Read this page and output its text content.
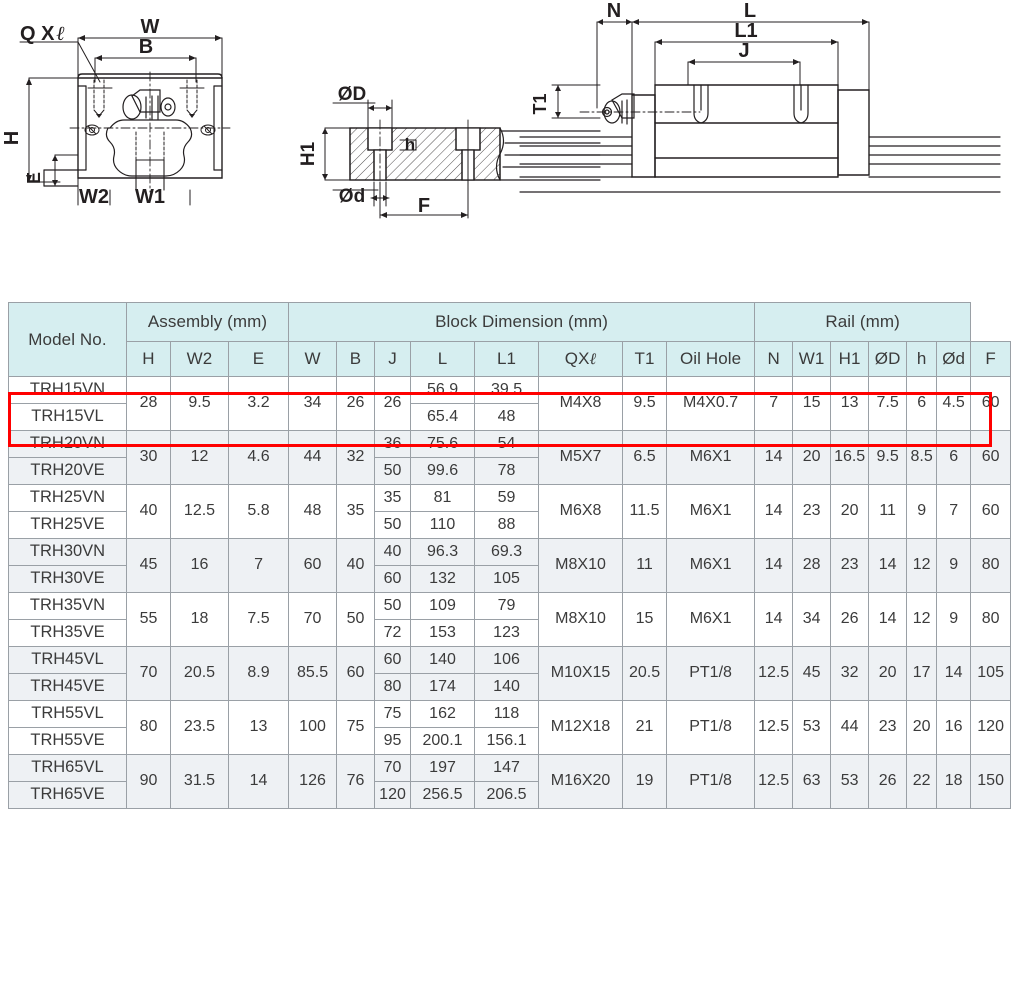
W
B
H
E
W2 W1
Q X ℓ
ØD
H1	h
Ød	F
N	L
L1
J
T1
Model No.	Assembly (mm)			Block Dimension (mm)								Rail (mm)						
	H	W2	E	W	B	J	L	L1	QXℓ	T1	Oil Hole	N	W1	H1	ØD	h	Ød	F
TRH15VN	28	9.5	3.2	34	26	26	56.9	39.5	M4X8	9.5	M4X0.7	7	15	13	7.5	6	4.5	60
TRH15VL							65.4	48										
TRH20VN	30	12	4.6	44	32	36	75.6	54	M5X7	6.5	M6X1	14	20	16.5	9.5	8.5	6	60
TRH20VE						50	99.6	78										
TRH25VN	40	12.5	5.8	48	35	35	81	59	M6X8	11.5	M6X1	14	23	20	11	9	7	60
TRH25VE						50	110	88										
TRH30VN	45	16	7	60	40	40	96.3	69.3	M8X10	11	M6X1	14	28	23	14	12	9	80
TRH30VE						60	132	105										
TRH35VN	55	18	7.5	70	50	50	109	79	M8X10	15	M6X1	14	34	26	14	12	9	80
TRH35VE						72	153	123										
TRH45VL	70	20.5	8.9	85.5	60	60	140	106	M10X15	20.5	PT1/8	12.5	45	32	20	17	14	105
TRH45VE						80	174	140										
TRH55VL	80	23.5	13	100	75	75	162	118	M12X18	21	PT1/8	12.5	53	44	23	20	16	120
TRH55VE						95	200.1	156.1										
TRH65VL	90	31.5	14	126	76	70	197	147	M16X20	19	PT1/8	12.5	63	53	26	22	18	150
TRH65VE						120	256.5	206.5										
